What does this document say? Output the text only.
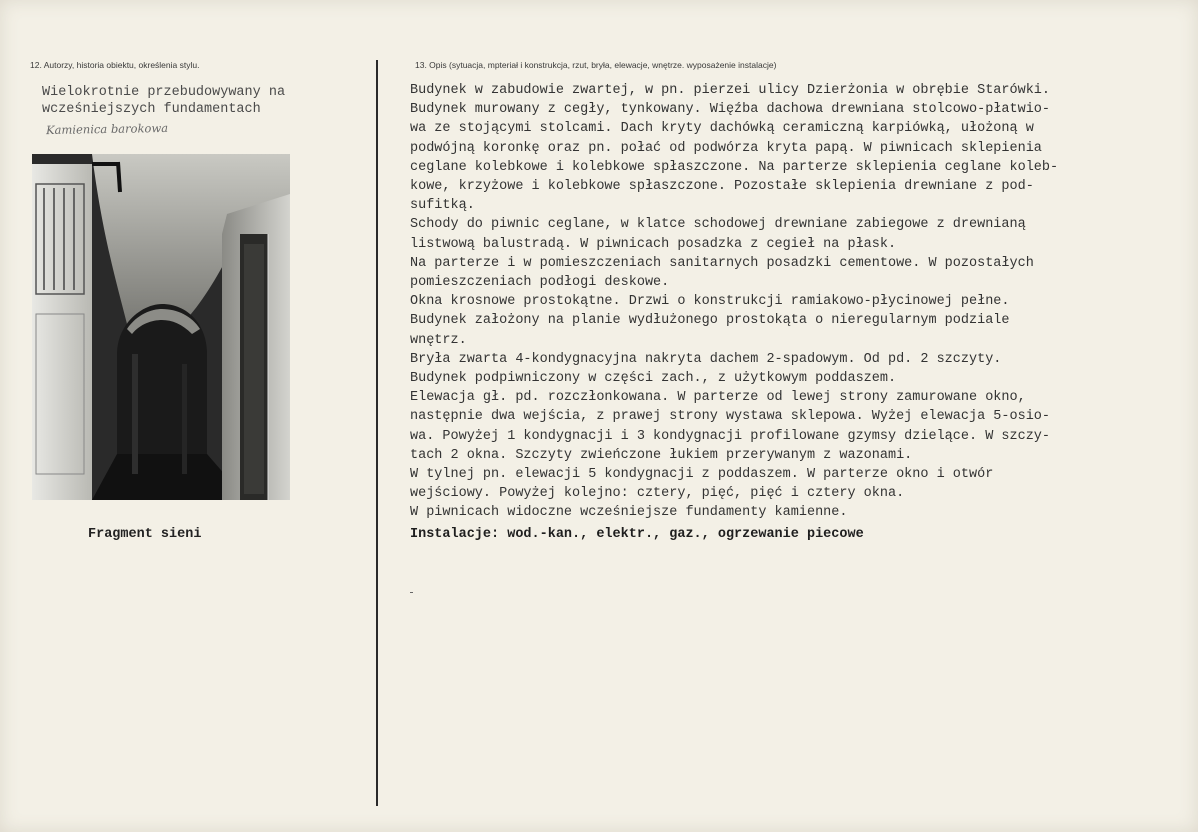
12. Autorzy, historia obiektu, określenia stylu.	13. Opis (sytuacja, mpteriał i konstrukcja, rzut, bryła, elewacje, wnętrze. wyposażenie instalacje)
Wielokrotnie przebudowywany na
wcześniejszych fundamentach
Kamienica barokowa
Fragment sieni
Budynek w zabudowie zwartej, w pn. pierzei ulicy Dzierżonia w obrębie Starówki.
Budynek murowany z cegły, tynkowany. Więźba dachowa drewniana stolcowo-płatwio-
wa ze stojącymi stolcami. Dach kryty dachówką ceramiczną karpiówką, ułożoną w
podwójną koronkę oraz pn. połać od podwórza kryta papą. W piwnicach sklepienia
ceglane kolebkowe i kolebkowe spłaszczone. Na parterze sklepienia ceglane koleb-
kowe, krzyżowe i kolebkowe spłaszczone. Pozostałe sklepienia drewniane z pod-
sufitką.
Schody do piwnic ceglane, w klatce schodowej drewniane zabiegowe z drewnianą
listwową balustradą. W piwnicach posadzka z cegieł na płask.
Na parterze i w pomieszczeniach sanitarnych posadzki cementowe. W pozostałych
pomieszczeniach podłogi deskowe.
Okna krosnowe prostokątne. Drzwi o konstrukcji ramiakowo-płycinowej pełne.
Budynek założony na planie wydłużonego prostokąta o nieregularnym podziale
wnętrz.
Bryła zwarta 4-kondygnacyjna nakryta dachem 2-spadowym. Od pd. 2 szczyty.
Budynek podpiwniczony w części zach., z użytkowym poddaszem.
Elewacja gł. pd. rozczłonkowana. W parterze od lewej strony zamurowane okno,
następnie dwa wejścia, z prawej strony wystawa sklepowa. Wyżej elewacja 5-osio-
wa. Powyżej 1 kondygnacji i 3 kondygnacji profilowane gzymsy dzielące. W szczy-
tach 2 okna. Szczyty zwieńczone łukiem przerywanym z wazonami.
W tylnej pn. elewacji 5 kondygnacji z poddaszem. W parterze okno i otwór
wejściowy. Powyżej kolejno: cztery, pięć, pięć i cztery okna.
W piwnicach widoczne wcześniejsze fundamenty kamienne.
Instalacje: wod.-kan., elektr., gaz., ogrzewanie piecowe
